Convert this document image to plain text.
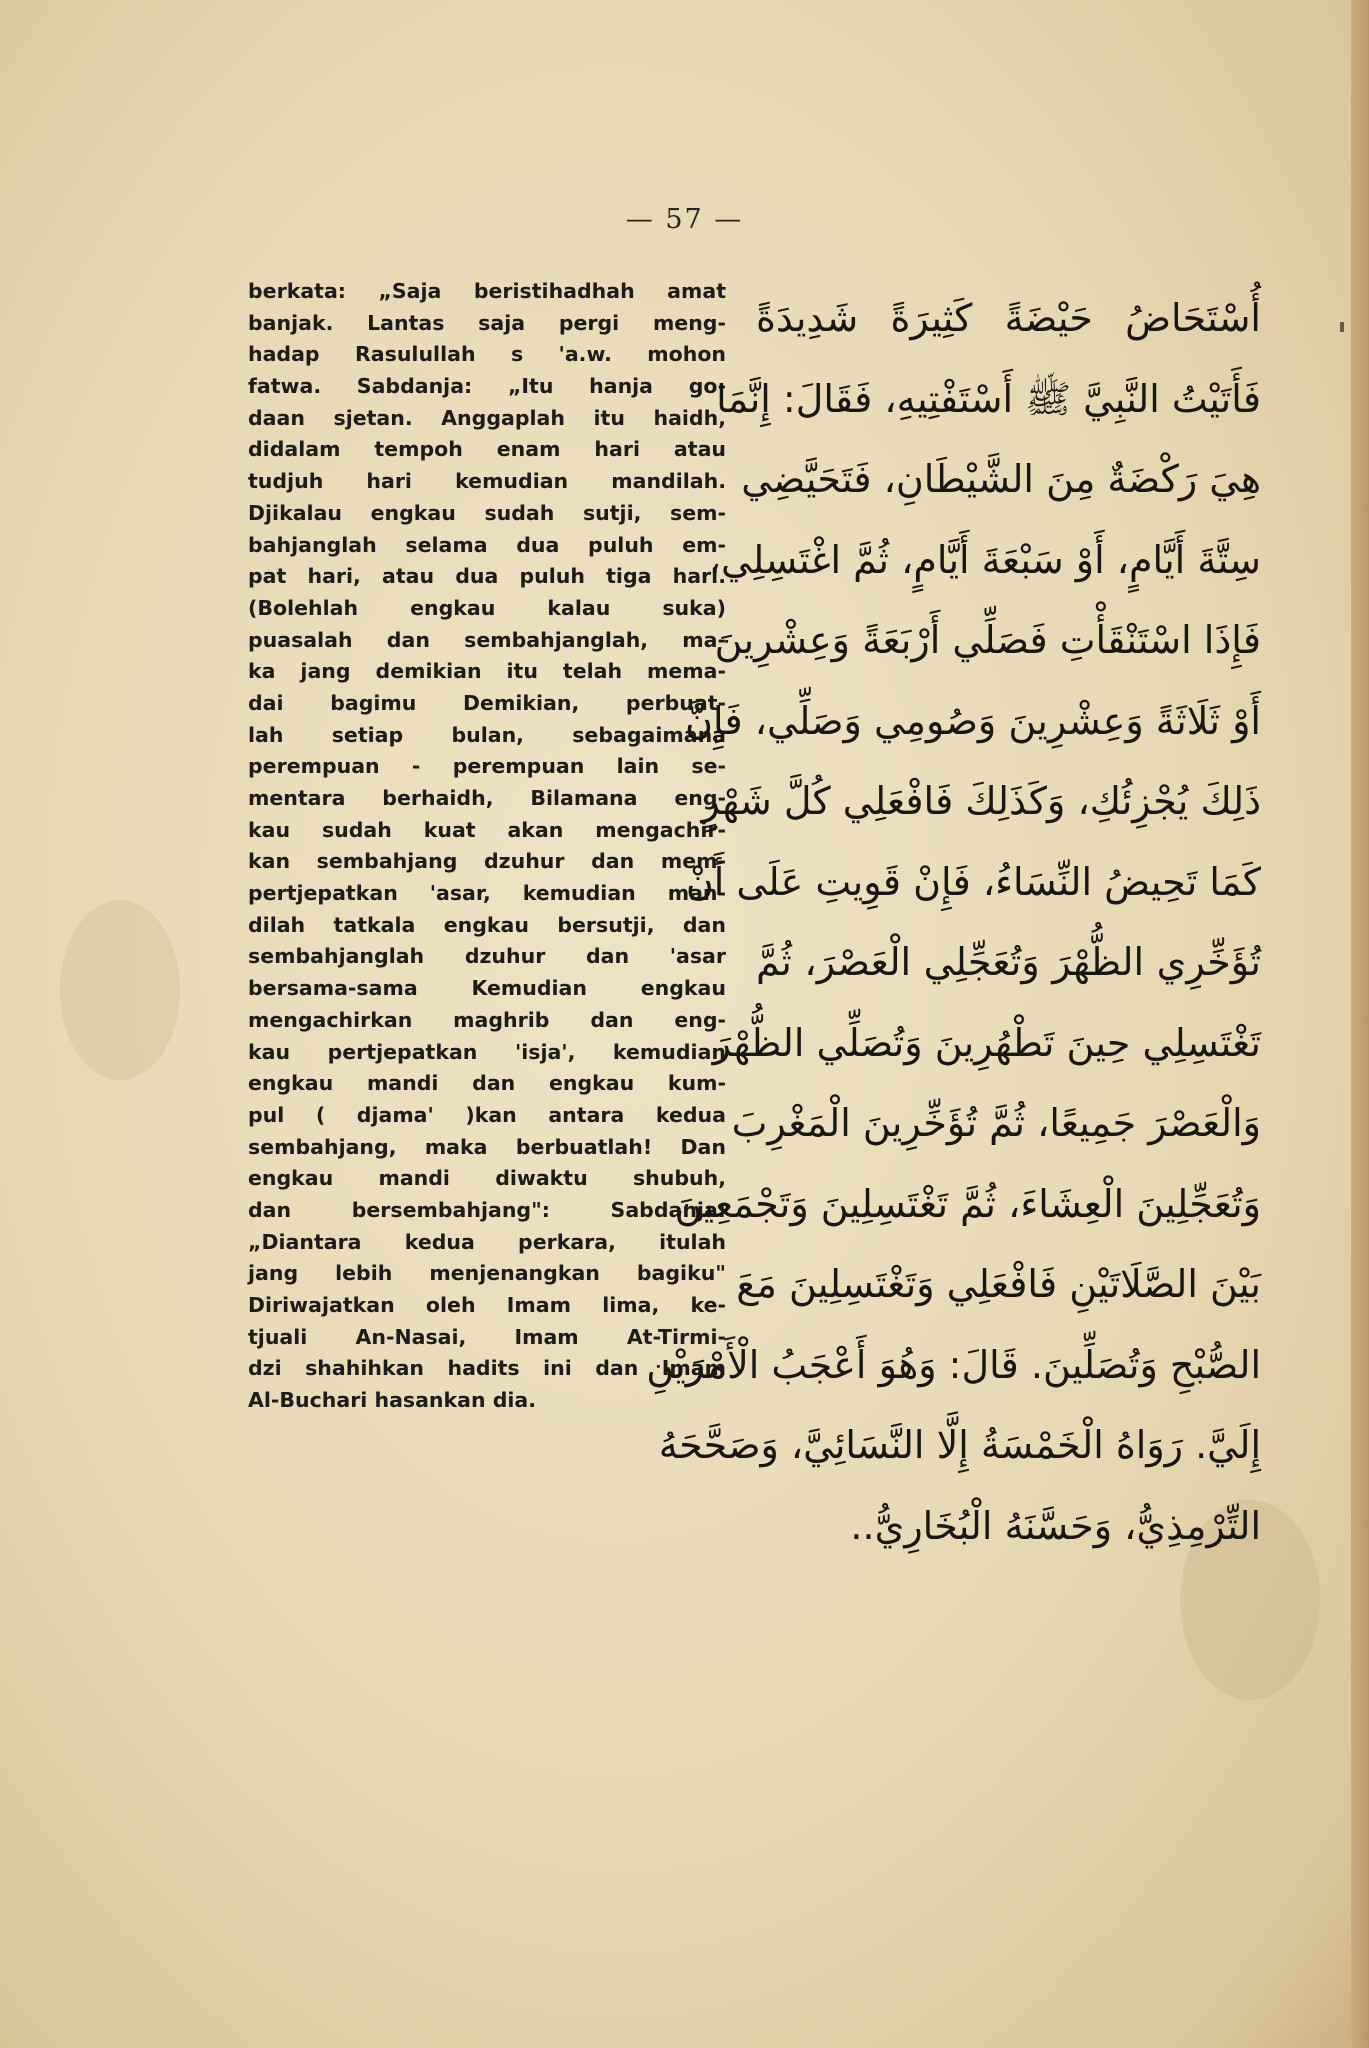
— 57 —
berkata: „Saja beristihadhah amat
banjak. Lantas saja pergi meng-
hadap Rasulullah s 'a.w. mohon
fatwa. Sabdanja: „Itu hanja go-
daan sjetan. Anggaplah itu haidh,
didalam tempoh enam hari atau
tudjuh hari kemudian mandilah.
Djikalau engkau sudah sutji, sem-
bahjanglah selama dua puluh em-
pat hari, atau dua puluh tiga hari.
(Bolehlah engkau kalau suka)
puasalah dan sembahjanglah, ma-
ka jang demikian itu telah mema-
dai bagimu Demikian, perbuat-
lah setiap bulan, sebagaimana
perempuan - perempuan lain se-
mentara berhaidh, Bilamana eng-
kau sudah kuat akan mengachir-
kan sembahjang dzuhur dan mem-
pertjepatkan 'asar, kemudian man-
dilah tatkala engkau bersutji, dan
sembahjanglah dzuhur dan 'asar
bersama-sama Kemudian engkau
mengachirkan maghrib dan eng-
kau pertjepatkan 'isja', kemudian
engkau mandi dan engkau kum-
pul ( djama' )kan antara kedua
sembahjang, maka berbuatlah! Dan
engkau mandi diwaktu shubuh,
dan bersembahjang": Sabdanja:
„Diantara kedua perkara, itulah
jang lebih menjenangkan bagiku"
Diriwajatkan oleh Imam lima, ke-
tjuali An-Nasai, Imam At-Tirmi-
dzi shahihkan hadits ini dan Imam
Al-Buchari hasankan dia.
أُسْتَحَاضُ حَيْضَةً كَثِيرَةً شَدِيدَةً
فَأَتَيْتُ النَّبِيَّ ﷺ أَسْتَفْتِيهِ، فَقَالَ: إِنَّمَا
هِيَ رَكْضَةٌ مِنَ الشَّيْطَانِ، فَتَحَيَّضِي
سِتَّةَ أَيَّامٍ، أَوْ سَبْعَةَ أَيَّامٍ، ثُمَّ اغْتَسِلِي،
فَإِذَا اسْتَنْقَأْتِ فَصَلِّي أَرْبَعَةً وَعِشْرِينَ
أَوْ ثَلَاثَةً وَعِشْرِينَ وَصُومِي وَصَلِّي، فَإِنَّ
ذَلِكَ يُجْزِئُكِ، وَكَذَلِكَ فَافْعَلِي كُلَّ شَهْرٍ
كَمَا تَحِيضُ النِّسَاءُ، فَإِنْ قَوِيتِ عَلَى أَنْ
تُؤَخِّرِي الظُّهْرَ وَتُعَجِّلِي الْعَصْرَ، ثُمَّ
تَغْتَسِلِي حِينَ تَطْهُرِينَ وَتُصَلِّي الظُّهْرَ
وَالْعَصْرَ جَمِيعًا، ثُمَّ تُؤَخِّرِينَ الْمَغْرِبَ
وَتُعَجِّلِينَ الْعِشَاءَ، ثُمَّ تَغْتَسِلِينَ وَتَجْمَعِينَ
بَيْنَ الصَّلَاتَيْنِ فَافْعَلِي وَتَغْتَسِلِينَ مَعَ
الصُّبْحِ وَتُصَلِّينَ. قَالَ: وَهُوَ أَعْجَبُ الْأَمْرَيْنِ
إِلَيَّ. رَوَاهُ الْخَمْسَةُ إِلَّا النَّسَائِيَّ، وَصَحَّحَهُ
التِّرْمِذِيُّ، وَحَسَّنَهُ الْبُخَارِيُّ..
